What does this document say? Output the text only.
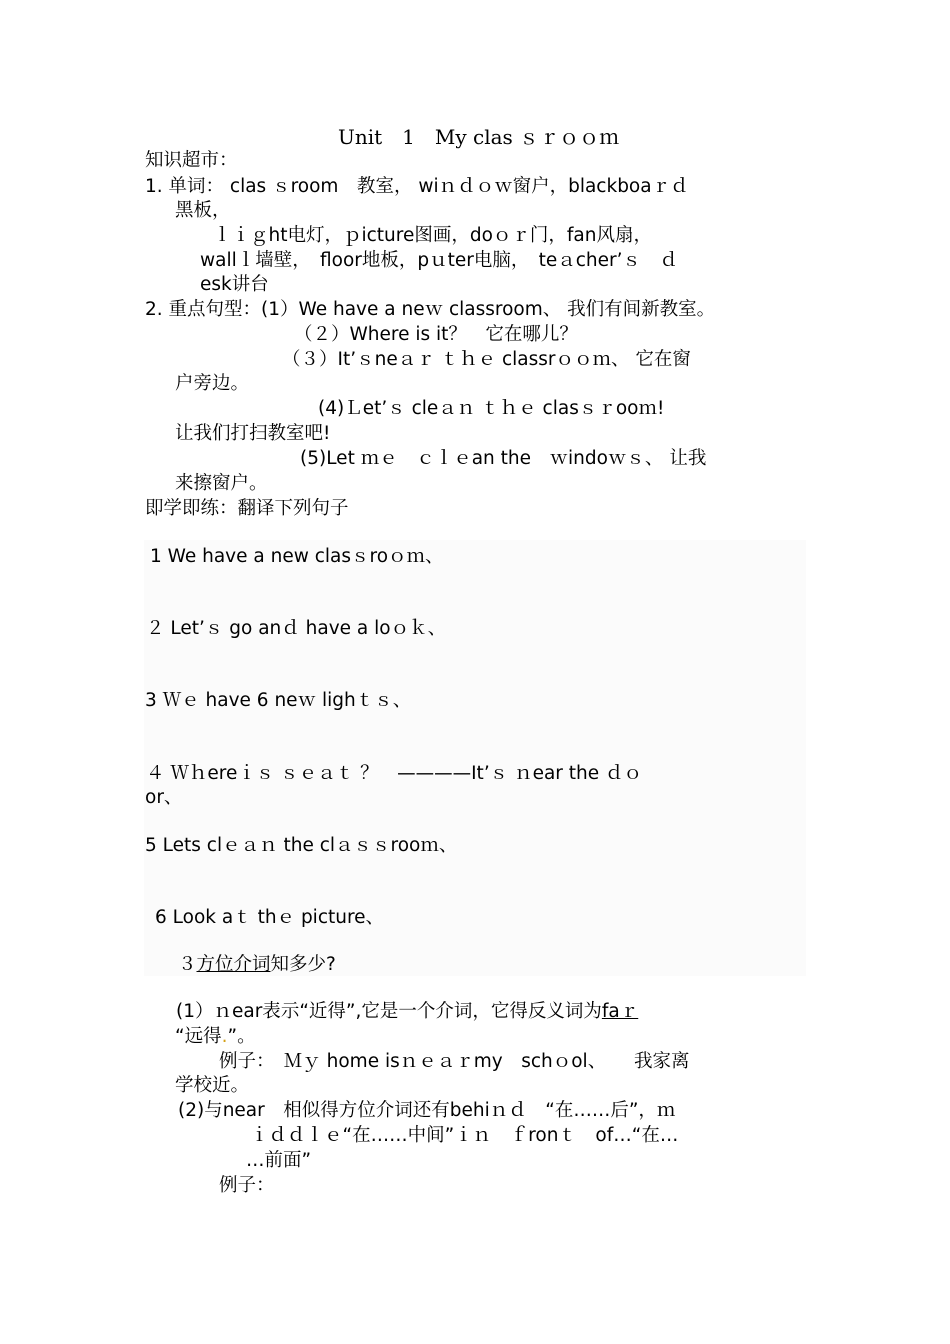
Unit　1　My clas ｓｒｏｏｍ
知识超市：
1. 单词： clas ｓroom　教室， wiｎｄｏｗ窗户，blackboaｒｄ
黑板，
ｌｉｇht电灯，ｐicture图画，doｏｒ门，fan风扇，
wallｌ墙壁，　floor地板，pｕter电脑，　teａcher’ｓ　ｄ
esk讲台
2. 重点句型：(1）We have a neｗ classroom、 我们有间新教室。
（２）Where is it？　它在哪儿？
（３）It’ｓneａｒ ｔｈｅ classrｏｏｍ、 它在窗
户旁边。
(4)Ｌet’ｓ cleａｎ ｔｈｅ clasｓｒooｍ!
让我们打扫教室吧!
(5)Let ｍｅ　ｃｌｅan the　ｗindoｗｓ、 让我
来擦窗户。
即学即练：翻译下列句子
1 We have a new clasｓroｏｍ、
２ Let’ｓ go anｄ have a loｏｋ、
3 Ｗｅ have 6 neｗ lighｔｓ、
４ Ｗｈereｉｓ ｓｅａｔ ？　————It’ｓ ｎear the ｄｏ
or、
5 Lets clｅａｎ the clａｓｓrooｍ、
6 Look aｔ thｅ picture、
３方位介词知多少?
(1）ｎear表示“近得”,它是一个介词，它得反义词为faｒ
“远得.”。
例子：　Ｍｙ home isｎｅａｒmy　schｏol、　　我家离
学校近。
(2)与near　相似得方位介词还有behiｎｄ　“在……后”，ｍ
ｉｄｄｌｅ“在……中间”ｉｎ　ｆronｔ　of…“在…
…前面”
例子：
